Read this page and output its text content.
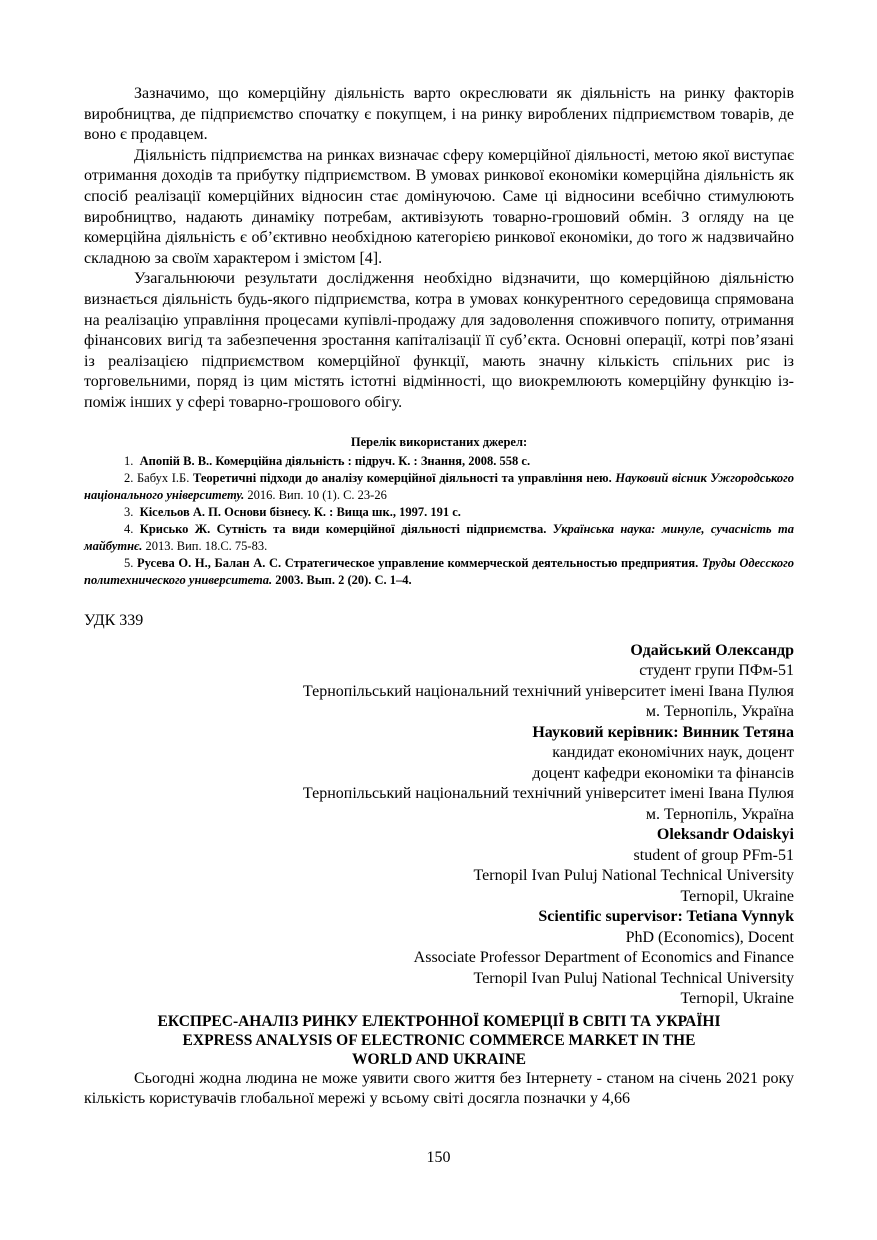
Зазначимо, що комерційну діяльність варто окреслювати як діяльність на ринку факторів виробництва, де підприємство спочатку є покупцем, і на ринку вироблених підприємством товарів, де воно є продавцем.

Діяльність підприємства на ринках визначає сферу комерційної діяльності, метою якої виступає отримання доходів та прибутку підприємством. В умовах ринкової економіки комерційна діяльність як спосіб реалізації комерційних відносин стає домінуючою. Саме ці відносини всебічно стимулюють виробництво, надають динаміку потребам, активізують товарно-грошовий обмін. З огляду на це комерційна діяльність є об’єктивно необхідною категорією ринкової економіки, до того ж надзвичайно складною за своїм характером і змістом [4].

Узагальнюючи результати дослідження необхідно відзначити, що комерційною діяльністю визнається діяльність будь-якого підприємства, котра в умовах конкурентного середовища спрямована на реалізацію управління процесами купівлі-продажу для задоволення споживчого попиту, отримання фінансових вигід та забезпечення зростання капіталізації її суб’єкта. Основні операції, котрі пов’язані із реалізацією підприємством комерційної функції, мають значну кількість спільних рис із торговельними, поряд із цим містять істотні відмінності, що виокремлюють комерційну функцію із-поміж інших у сфері товарно-грошового обігу.

Перелік використаних джерел:

1. Апопій В. В.. Комерційна діяльність : підруч. К. : Знання, 2008. 558 с.

2. Бабух І.Б. Теоретичні підходи до аналізу комерційної діяльності та управління нею. Науковий вісник Ужгородського національного університету. 2016. Вип. 10 (1). С. 23-26

3. Кісельов А. П. Основи бізнесу. К. : Вища шк., 1997. 191 с.

4. Крисько Ж. Сутність та види комерційної діяльності підприємства. Українська наука: минуле, сучасність та майбутнє. 2013. Вип. 18.С. 75-83.

5. Русева О. Н., Балан А. С. Стратегическое управление коммерческой деятельностью предприятия. Труды Одесского политехнического университета. 2003. Вып. 2 (20). С. 1–4.

УДК 339
Одайський Олександр
студент групи ПФм-51
Тернопільський національний технічний університет імені Івана Пулюя
м. Тернопіль, Україна
Науковий керівник: Винник Тетяна
кандидат економічних наук, доцент
доцент кафедри економіки та фінансів
Тернопільський національний технічний університет імені Івана Пулюя
м. Тернопіль, Україна
Oleksandr Odaiskyi
student of group PFm-51
Ternopil Ivan Puluj National Technical University
Ternopil, Ukraine
Scientific supervisor: Tetiana Vynnyk
PhD (Economics), Docent
Associate Professor Department of Economics and Finance
Ternopil Ivan Puluj National Technical University
Ternopil, Ukraine
ЕКСПРЕС-АНАЛІЗ РИНКУ ЕЛЕКТРОННОЇ КОМЕРЦІЇ В СВІТІ ТА УКРАЇНІ
EXPRESS ANALYSIS OF ELECTRONIC COMMERCE MARKET IN THE
WORLD AND UKRAINE

Сьогодні жодна людина не може уявити свого життя без Інтернету - станом на січень 2021 року кількість користувачів глобальної мережі у всьому світі досягла позначки у 4,66

150
